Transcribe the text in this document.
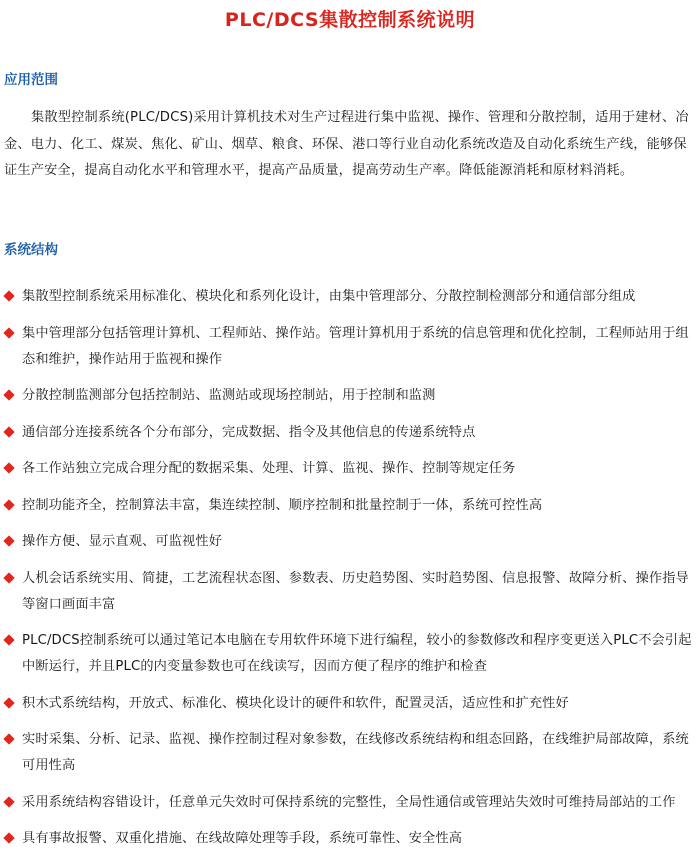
PLC/DCS集散控制系统说明
应用范围

集散型控制系统(PLC/DCS)采用计算机技术对生产过程进行集中监视、操作、管理和分散控制，适用于建材、冶金、电力、化工、煤炭、焦化、矿山、烟草、粮食、环保、港口等行业自动化系统改造及自动化系统生产线，能够保证生产安全，提高自动化水平和管理水平，提高产品质量，提高劳动生产率。降低能源消耗和原材料消耗。

系统结构
集散型控制系统采用标准化、模块化和系列化设计，由集中管理部分、分散控制检测部分和通信部分组成
集中管理部分包括管理计算机、工程师站、操作站。管理计算机用于系统的信息管理和优化控制，工程师站用于组态和维护，操作站用于监视和操作
分散控制监测部分包括控制站、监测站或现场控制站，用于控制和监测
通信部分连接系统各个分布部分，完成数据、指令及其他信息的传递系统特点
各工作站独立完成合理分配的数据采集、处理、计算、监视、操作、控制等规定任务
控制功能齐全，控制算法丰富，集连续控制、顺序控制和批量控制于一体，系统可控性高
操作方便、显示直观、可监视性好
人机会话系统实用、简捷，工艺流程状态图、参数表、历史趋势图、实时趋势图、信息报警、故障分析、操作指导等窗口画面丰富
PLC/DCS控制系统可以通过笔记本电脑在专用软件环境下进行编程，较小的参数修改和程序变更送入PLC不会引起中断运行，并且PLC的内变量参数也可在线读写，因而方便了程序的维护和检查
积木式系统结构，开放式、标准化、模块化设计的硬件和软件，配置灵活，适应性和扩充性好
实时采集、分析、记录、监视、操作控制过程对象参数，在线修改系统结构和组态回路，在线维护局部故障，系统可用性高
采用系统结构容错设计，任意单元失效时可保持系统的完整性，全局性通信或管理站失效时可维持局部站的工作
具有事故报警、双重化措施、在线故障处理等手段，系统可靠性、安全性高
